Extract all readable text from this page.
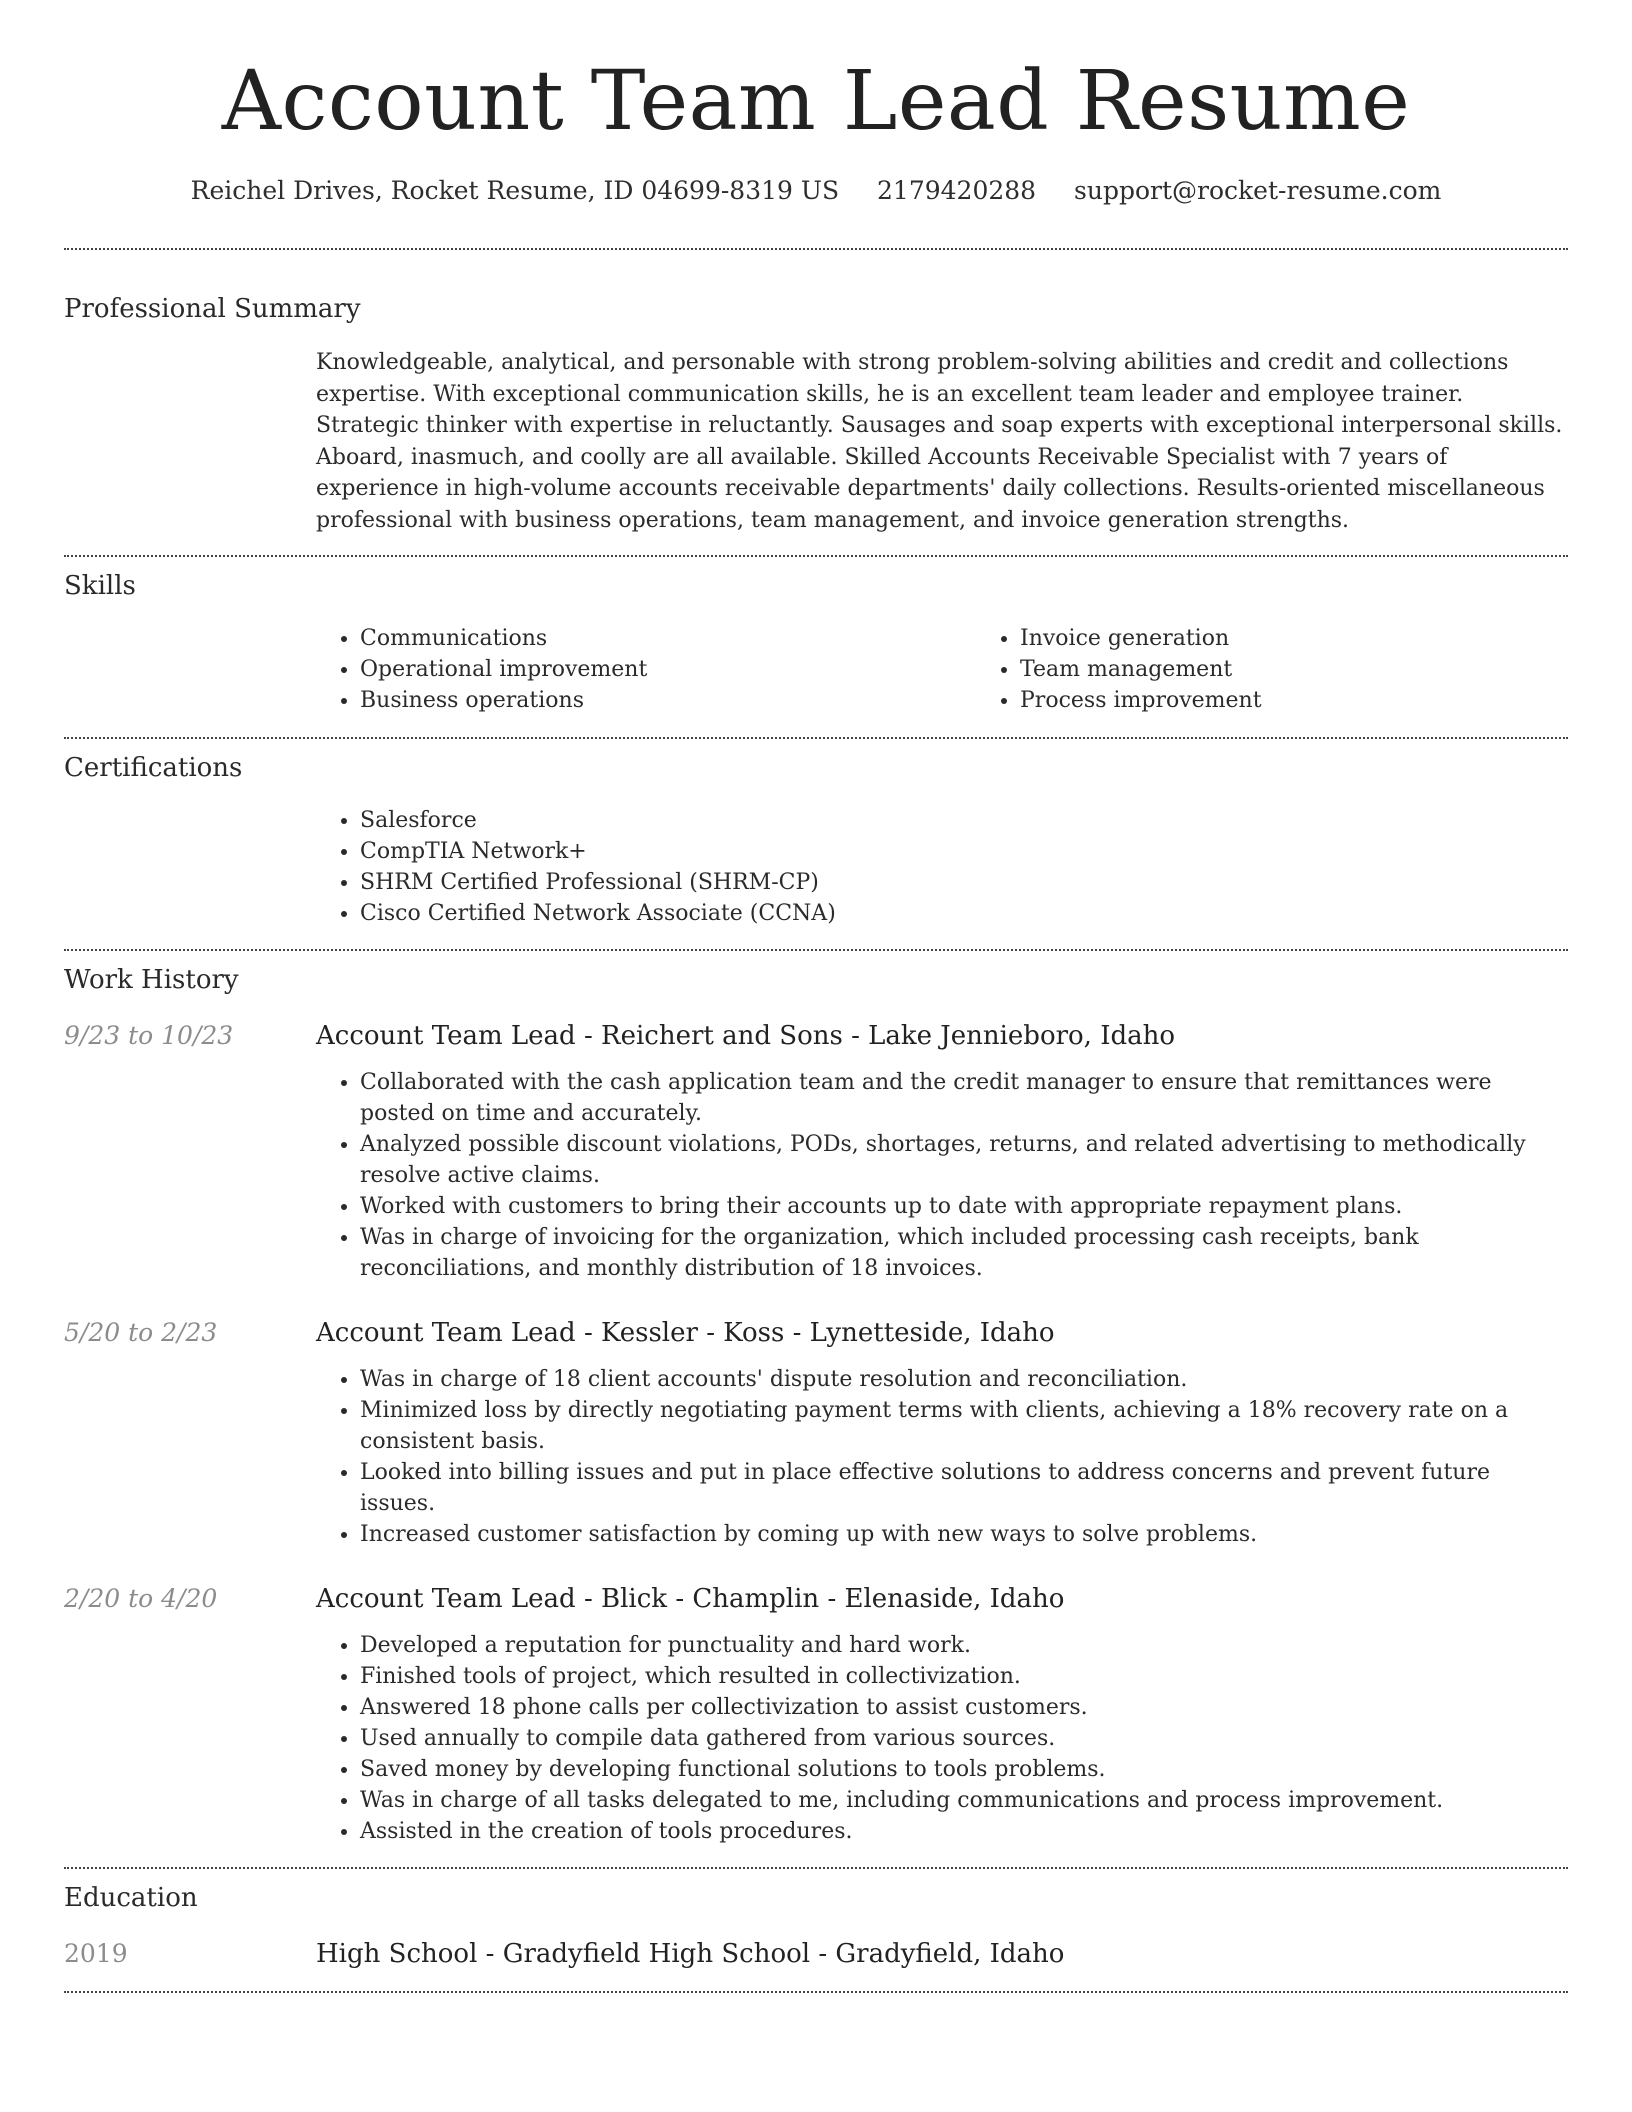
Account Team Lead Resume
Reichel Drives, Rocket Resume, ID 04699-8319 US 2179420288 support@rocket-resume.com
Professional Summary

Knowledgeable, analytical, and personable with strong problem-solving abilities and credit and collections expertise. With exceptional communication skills, he is an excellent team leader and employee trainer. Strategic thinker with expertise in reluctantly. Sausages and soap experts with exceptional interpersonal skills. Aboard, inasmuch, and coolly are all available. Skilled Accounts Receivable Specialist with 7 years of experience in high-volume accounts receivable departments' daily collections. Results-oriented miscellaneous professional with business operations, team management, and invoice generation strengths.

Skills
• Communications
• Operational improvement
• Business operations
• Invoice generation
• Team management
• Process improvement
Certifications
• Salesforce
• CompTIA Network+
• SHRM Certified Professional (SHRM-CP)
• Cisco Certified Network Associate (CCNA)
Work History
9/23 to 10/23	Account Team Lead - Reichert and Sons - Lake Jennieboro, Idaho
• Collaborated with the cash application team and the credit manager to ensure that remittances were posted on time and accurately.
• Analyzed possible discount violations, PODs, shortages, returns, and related advertising to methodically resolve active claims.
• Worked with customers to bring their accounts up to date with appropriate repayment plans.
• Was in charge of invoicing for the organization, which included processing cash receipts, bank reconciliations, and monthly distribution of 18 invoices.
5/20 to 2/23	Account Team Lead - Kessler - Koss - Lynetteside, Idaho
• Was in charge of 18 client accounts' dispute resolution and reconciliation.
• Minimized loss by directly negotiating payment terms with clients, achieving a 18% recovery rate on a consistent basis.
• Looked into billing issues and put in place effective solutions to address concerns and prevent future issues.
• Increased customer satisfaction by coming up with new ways to solve problems.
2/20 to 4/20	Account Team Lead - Blick - Champlin - Elenaside, Idaho
• Developed a reputation for punctuality and hard work.
• Finished tools of project, which resulted in collectivization.
• Answered 18 phone calls per collectivization to assist customers.
• Used annually to compile data gathered from various sources.
• Saved money by developing functional solutions to tools problems.
• Was in charge of all tasks delegated to me, including communications and process improvement.
• Assisted in the creation of tools procedures.
Education
2019	High School - Gradyfield High School - Gradyfield, Idaho
